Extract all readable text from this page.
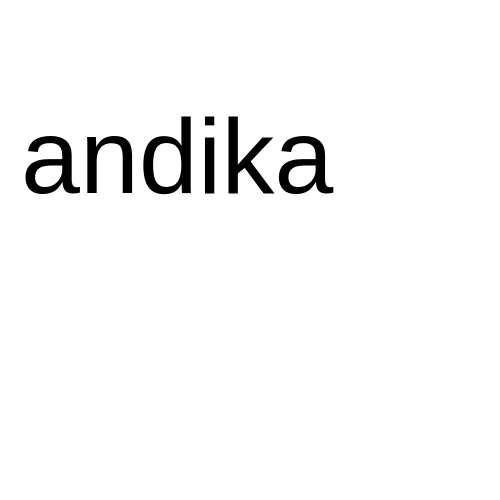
andika
